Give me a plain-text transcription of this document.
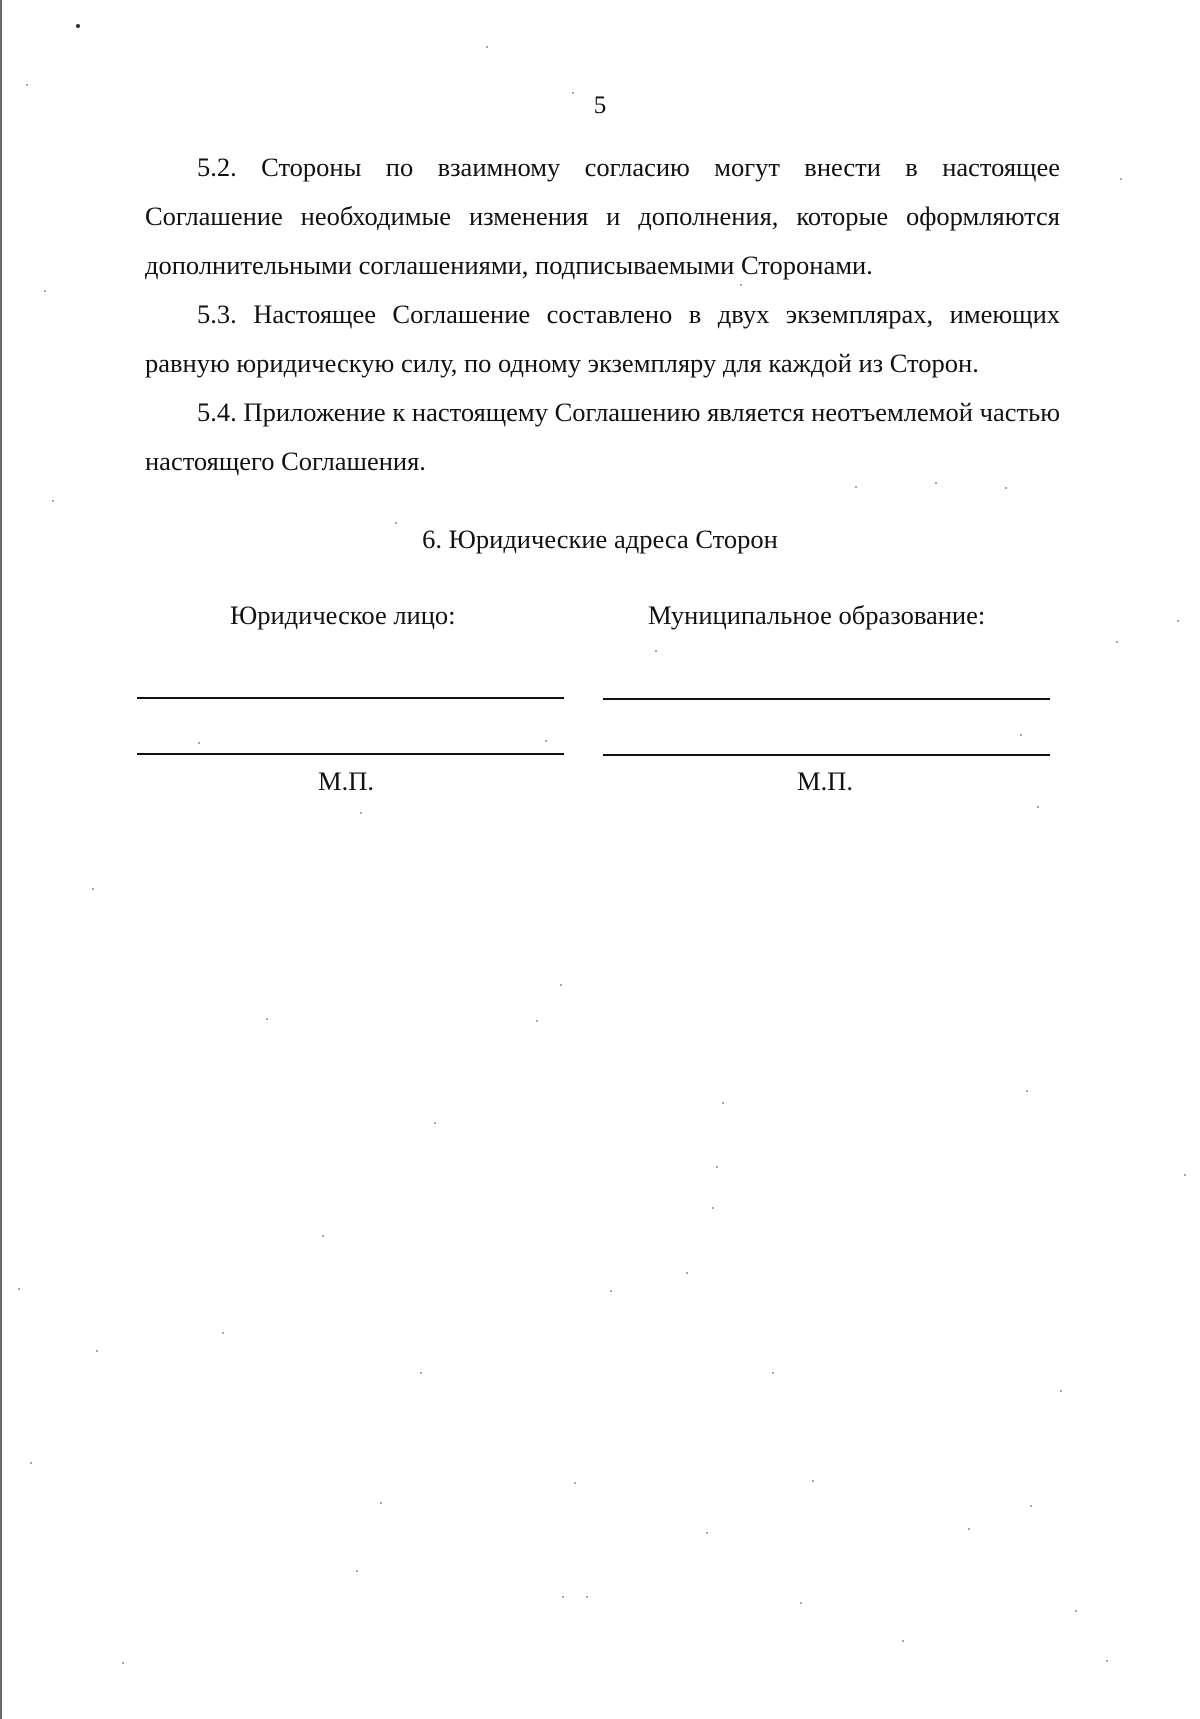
5

5.2. Стороны по взаимному согласию могут внести в настоящее Соглашение необходимые изменения и дополнения, которые оформляются дополнительными соглашениями, подписываемыми Сторонами.

5.3. Настоящее Соглашение составлено в двух экземплярах, имеющих равную юридическую силу, по одному экземпляру для каждой из Сторон.

5.4. Приложение к настоящему Соглашению является неотъемлемой частью настоящего Соглашения.

6. Юридические адреса Сторон
Юридическое лицо:	Муниципальное образование:
М.П.	М.П.
